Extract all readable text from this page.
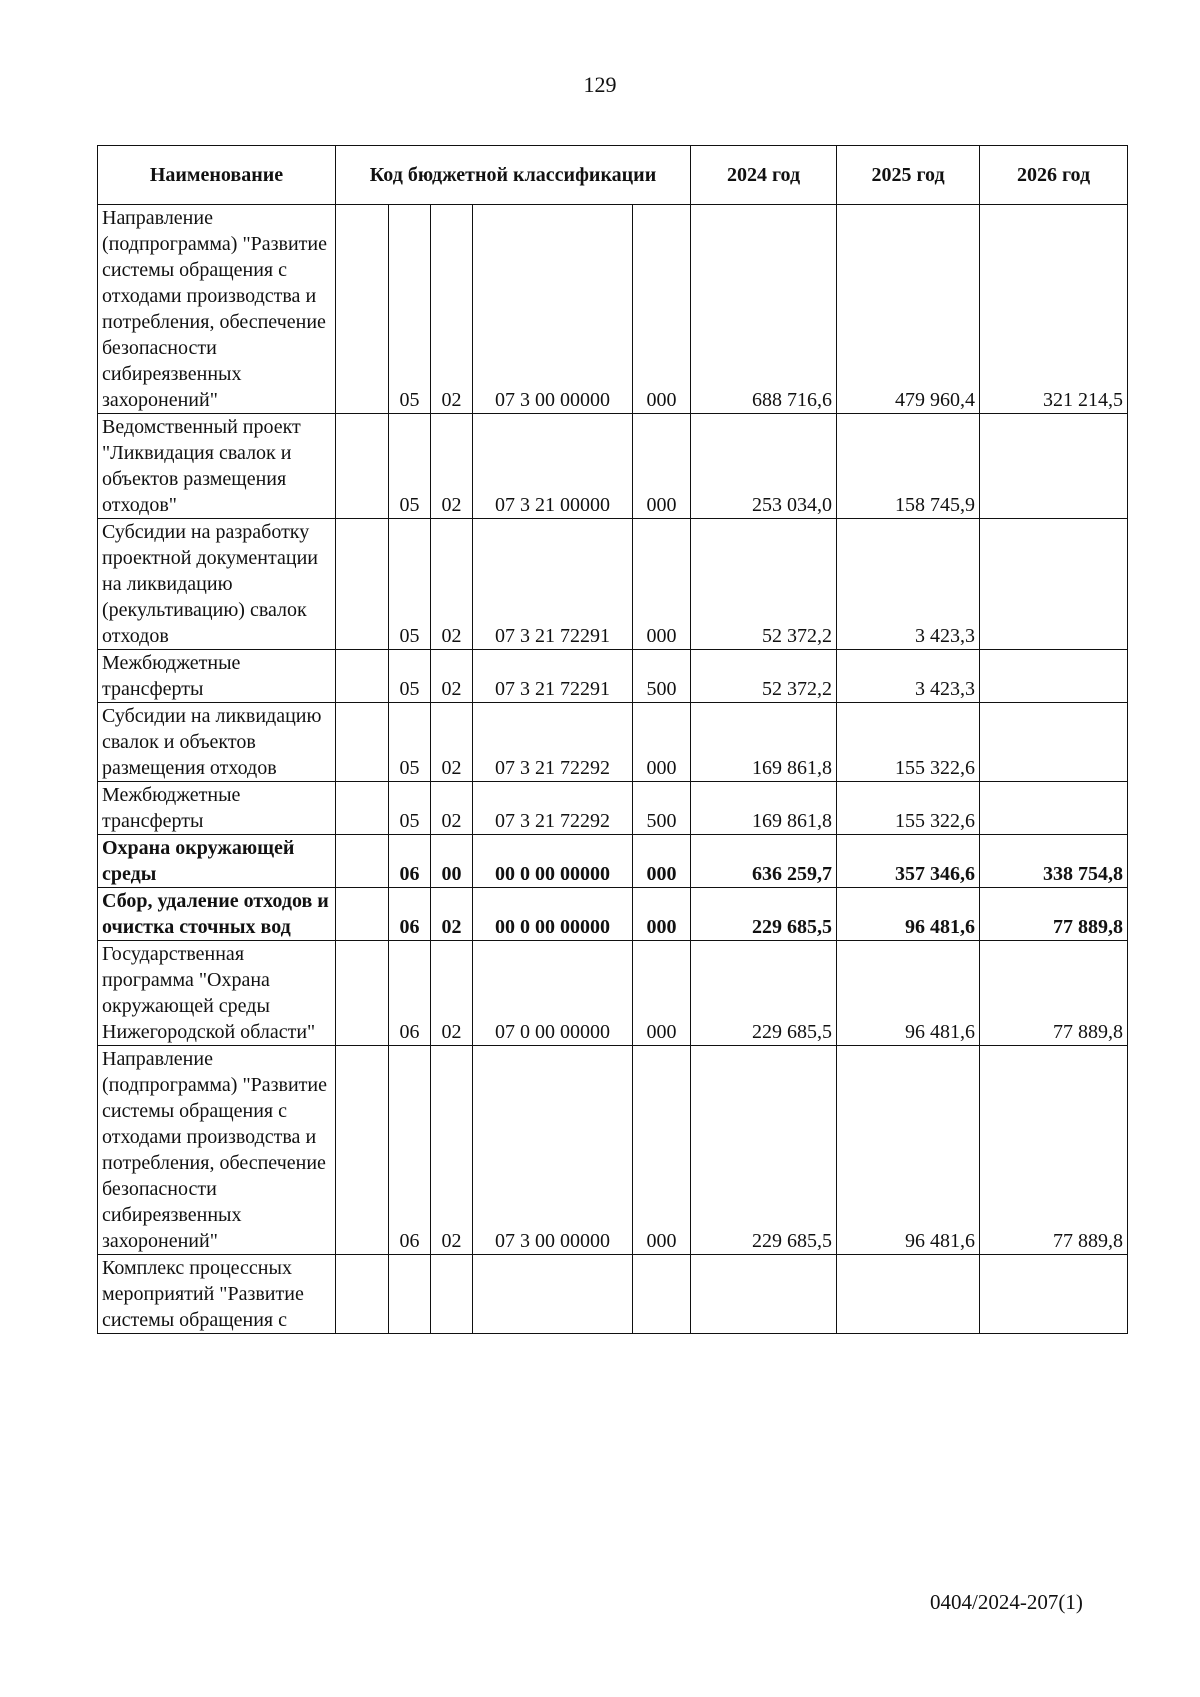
129
Наименование	Код бюджетной классификации					2024 год	2025 год	2026 год
Направление (подпрограмма) "Развитие системы обращения с отходами производства и потребления, обеспечение безопасности сибиреязвенных захоронений"		05	02	07 3 00 00000	000	688 716,6	479 960,4	321 214,5
Ведомственный проект "Ликвидация свалок и объектов размещения отходов"		05	02	07 3 21 00000	000	253 034,0	158 745,9	
Субсидии на разработку проектной документации на ликвидацию (рекультивацию) свалок отходов		05	02	07 3 21 72291	000	52 372,2	3 423,3	
Межбюджетные трансферты		05	02	07 3 21 72291	500	52 372,2	3 423,3	
Субсидии на ликвидацию свалок и объектов размещения отходов		05	02	07 3 21 72292	000	169 861,8	155 322,6	
Межбюджетные трансферты		05	02	07 3 21 72292	500	169 861,8	155 322,6	
Охрана окружающей среды		06	00	00 0 00 00000	000	636 259,7	357 346,6	338 754,8
Сбор, удаление отходов и очистка сточных вод		06	02	00 0 00 00000	000	229 685,5	96 481,6	77 889,8
Государственная программа "Охрана окружающей среды Нижегородской области"		06	02	07 0 00 00000	000	229 685,5	96 481,6	77 889,8
Направление (подпрограмма) "Развитие системы обращения с отходами производства и потребления, обеспечение безопасности сибиреязвенных захоронений"		06	02	07 3 00 00000	000	229 685,5	96 481,6	77 889,8
Комплекс процессных мероприятий "Развитие системы обращения с								
0404/2024-207(1)
